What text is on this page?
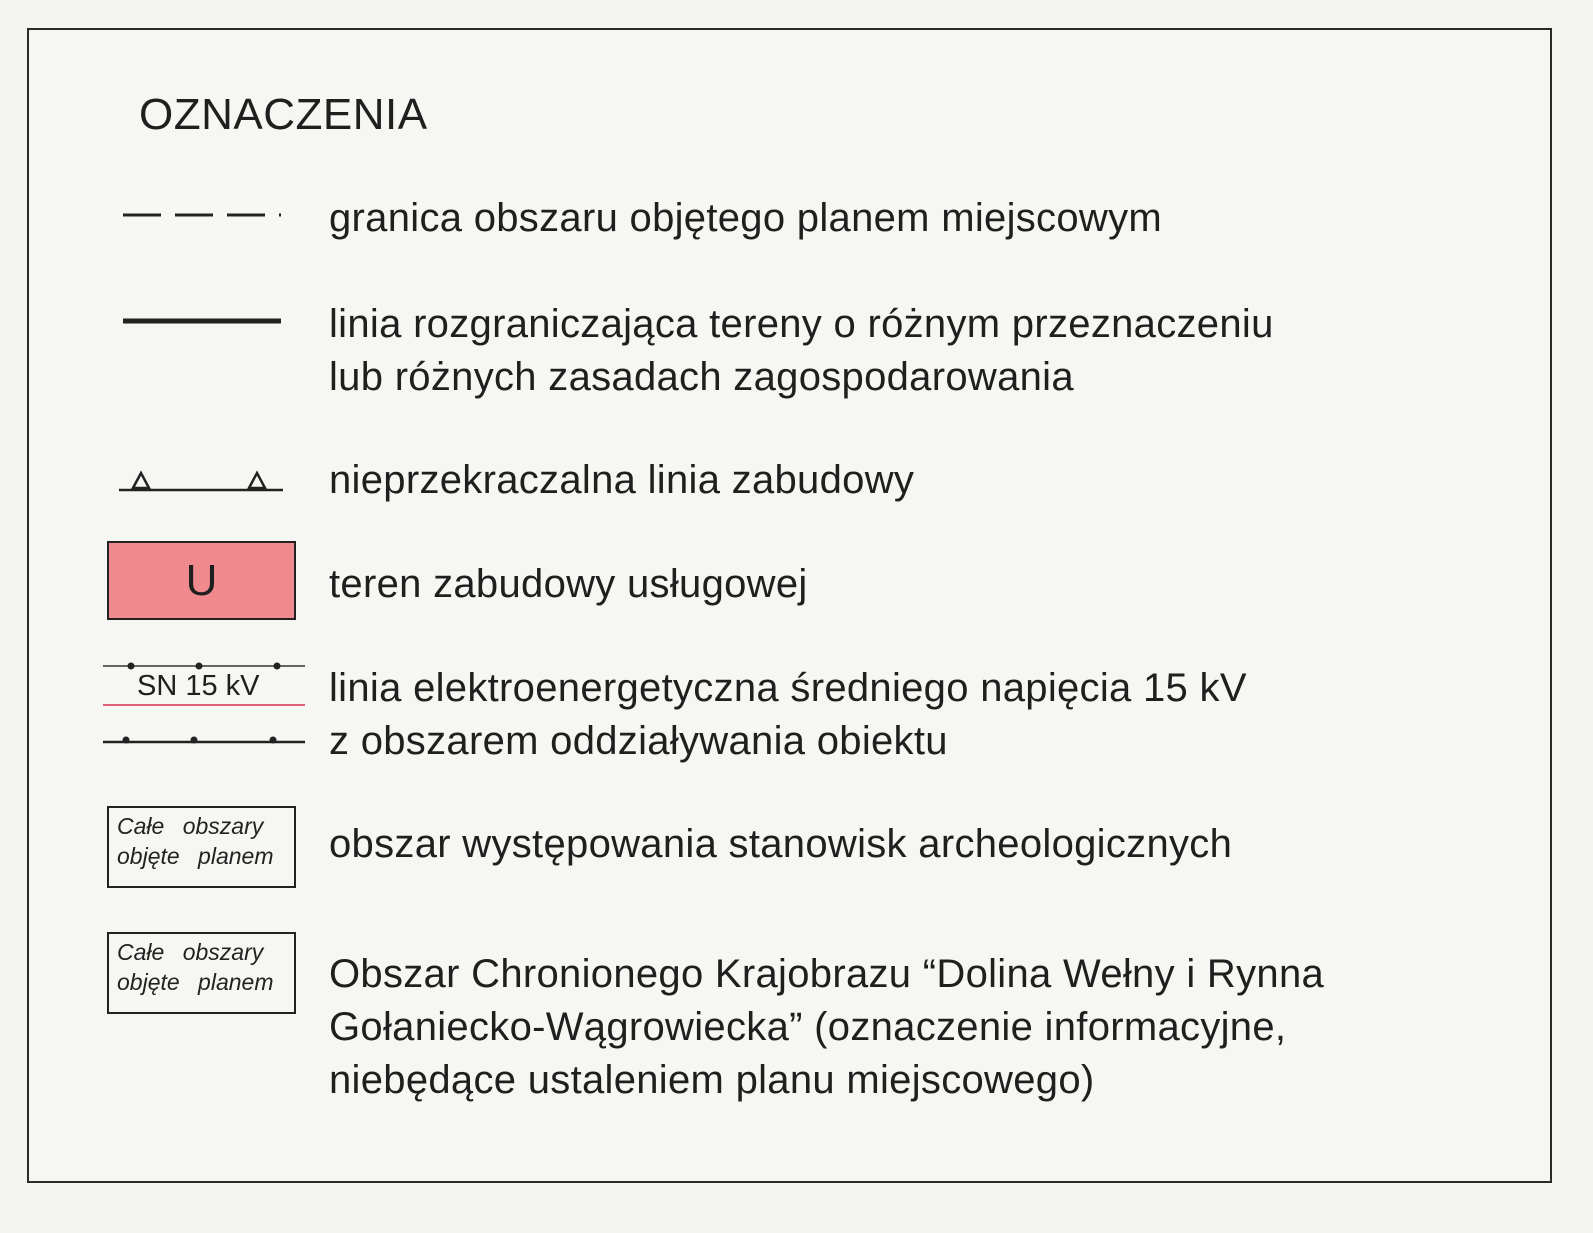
OZNACZENIA

granica obszaru objętego planem miejscowym

linia rozgraniczająca tereny o różnym przeznaczeniu
lub różnych zasadach zagospodarowania

nieprzekraczalna linia zabudowy

U	teren zabudowy usługowej

SN 15 kV linia elektroenergetyczna średniego napięcia 15 kV
z obszarem oddziaływania obiektu

Całe obszary
objęte planem	obszar występowania stanowisk archeologicznych

Całe obszary
objęte planem	Obszar Chronionego Krajobrazu “Dolina Wełny i Rynna
Gołaniecko-Wągrowiecka” (oznaczenie informacyjne,
niebędące ustaleniem planu miejscowego)
